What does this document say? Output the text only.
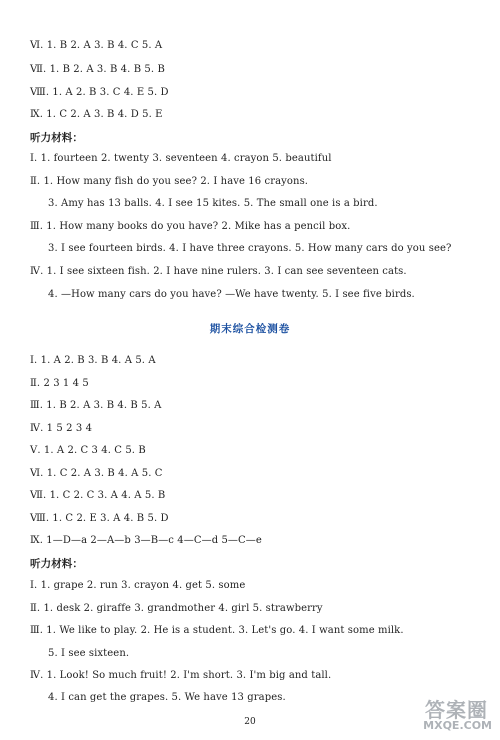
Ⅵ. 1. B 2. A 3. B 4. C 5. A
Ⅶ. 1. B 2. A 3. B 4. B 5. B
Ⅷ. 1. A 2. B 3. C 4. E 5. D
Ⅸ. 1. C 2. A 3. B 4. D 5. E
听力材料：
Ⅰ. 1. fourteen 2. twenty 3. seventeen 4. crayon 5. beautiful
Ⅱ. 1. How many fish do you see? 2. I have 16 crayons.
3. Amy has 13 balls. 4. I see 15 kites. 5. The small one is a bird.
Ⅲ. 1. How many books do you have? 2. Mike has a pencil box.
3. I see fourteen birds. 4. I have three crayons. 5. How many cars do you see?
Ⅳ. 1. I see sixteen fish. 2. I have nine rulers. 3. I can see seventeen cats.
4. —How many cars do you have? —We have twenty. 5. I see five birds.
期末综合检测卷
Ⅰ. 1. A 2. B 3. B 4. A 5. A
Ⅱ. 2 3 1 4 5
Ⅲ. 1. B 2. A 3. B 4. B 5. A
Ⅳ. 1 5 2 3 4
Ⅴ. 1. A 2. C 3 4. C 5. B
Ⅵ. 1. C 2. A 3. B 4. A 5. C
Ⅶ. 1. C 2. C 3. A 4. A 5. B
Ⅷ. 1. C 2. E 3. A 4. B 5. D
Ⅸ. 1—D—a 2—A—b 3—B—c 4—C—d 5—C—e
听力材料：
Ⅰ. 1. grape 2. run 3. crayon 4. get 5. some
Ⅱ. 1. desk 2. giraffe 3. grandmother 4. girl 5. strawberry
Ⅲ. 1. We like to play. 2. He is a student. 3. Let's go. 4. I want some milk.
5. I see sixteen.
Ⅳ. 1. Look! So much fruit! 2. I'm short. 3. I'm big and tall.
4. I can get the grapes. 5. We have 13 grapes.
20	答案圈
MXQE.COM
